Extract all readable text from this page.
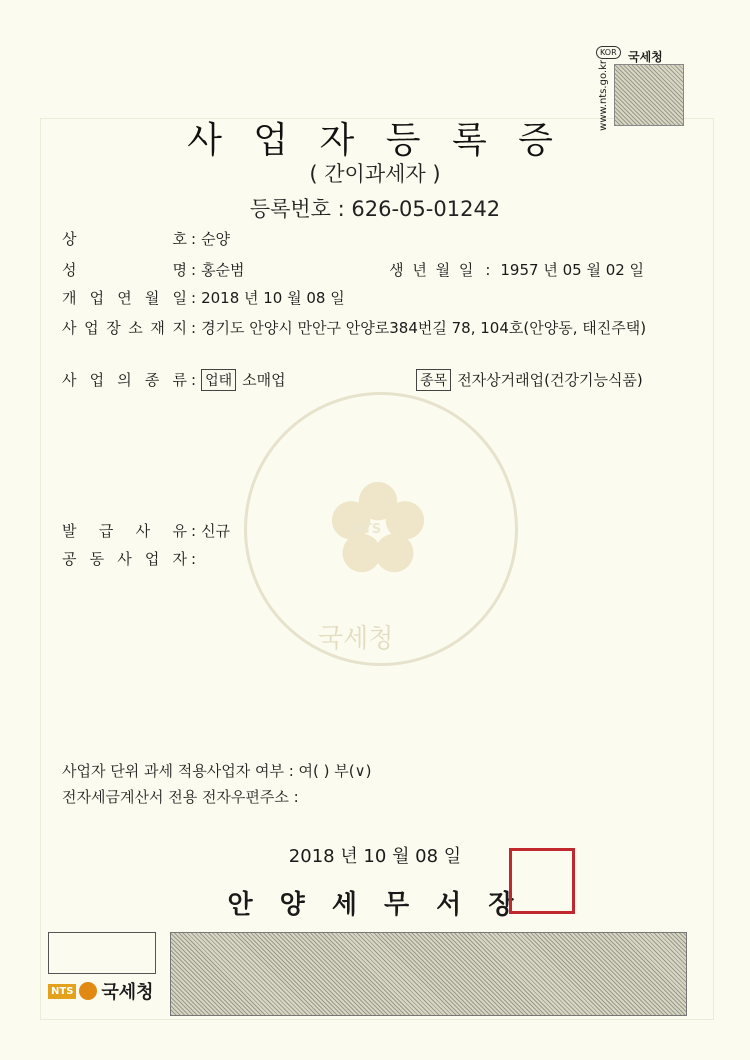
NTS
국세청
KOR 국세청
www.nts.go.kr
사 업 자 등 록 증
( 간이과세자 )
등록번호 : 626-05-01242
상	호 : 순양
성	명 : 홍순범	생 년 월 일 : 1957 년 05 월 02 일
개 업 연 월 일 : 2018 년 10 월 08 일
사 업 장 소 재 지 : 경기도 안양시 만안구 안양로384번길 78, 104호(안양동, 태진주택)
사 업 의 종 류 : 업태 소매업	종목 전자상거래업(건강기능식품)
발 급 사 유 : 신규
공 동 사 업 자 :
사업자 단위 과세 적용사업자 여부 : 여( ) 부(∨)
전자세금계산서 전용 전자우편주소 :
2018 년 10 월 08 일
안 양 세 무 서 장
NTS 국세청
